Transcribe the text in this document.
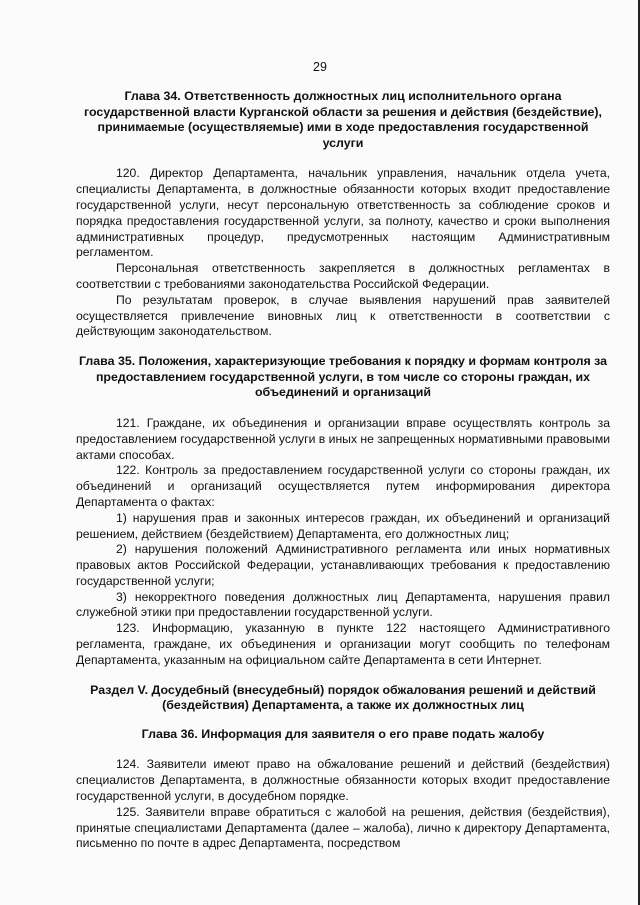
29

Глава 34. Ответственность должностных лиц исполнительного органа государственной власти Курганской области за решения и действия (бездействие), принимаемые (осуществляемые) ими в ходе предоставления государственной услуги

120. Директор Департамента, начальник управления, начальник отдела учета, специалисты Департамента, в должностные обязанности которых входит предоставление государственной услуги, несут персональную ответственность за соблюдение сроков и порядка предоставления государственной услуги, за полноту, качество и сроки выполнения административных процедур, предусмотренных настоящим Административным регламентом.

Персональная ответственность закрепляется в должностных регламентах в соответствии с требованиями законодательства Российской Федерации.

По результатам проверок, в случае выявления нарушений прав заявителей осуществляется привлечение виновных лиц к ответственности в соответствии с действующим законодательством.

Глава 35. Положения, характеризующие требования к порядку и формам контроля за предоставлением государственной услуги, в том числе со стороны граждан, их объединений и организаций

121. Граждане, их объединения и организации вправе осуществлять контроль за предоставлением государственной услуги в иных не запрещенных нормативными правовыми актами способах.

122. Контроль за предоставлением государственной услуги со стороны граждан, их объединений и организаций осуществляется путем информирования директора Департамента о фактах:

1) нарушения прав и законных интересов граждан, их объединений и организаций решением, действием (бездействием) Департамента, его должностных лиц;

2) нарушения положений Административного регламента или иных нормативных правовых актов Российской Федерации, устанавливающих требования к предоставлению государственной услуги;

3) некорректного поведения должностных лиц Департамента, нарушения правил служебной этики при предоставлении государственной услуги.

123. Информацию, указанную в пункте 122 настоящего Административного регламента, граждане, их объединения и организации могут сообщить по телефонам Департамента, указанным на официальном сайте Департамента в сети Интернет.

Раздел V. Досудебный (внесудебный) порядок обжалования решений и действий (бездействия) Департамента, а также их должностных лиц

Глава 36. Информация для заявителя о его праве подать жалобу

124. Заявители имеют право на обжалование решений и действий (бездействия) специалистов Департамента, в должностные обязанности которых входит предоставление государственной услуги, в досудебном порядке.

125. Заявители вправе обратиться с жалобой на решения, действия (бездействия), принятые специалистами Департамента (далее – жалоба), лично к директору Департамента, письменно по почте в адрес Департамента, посредством
